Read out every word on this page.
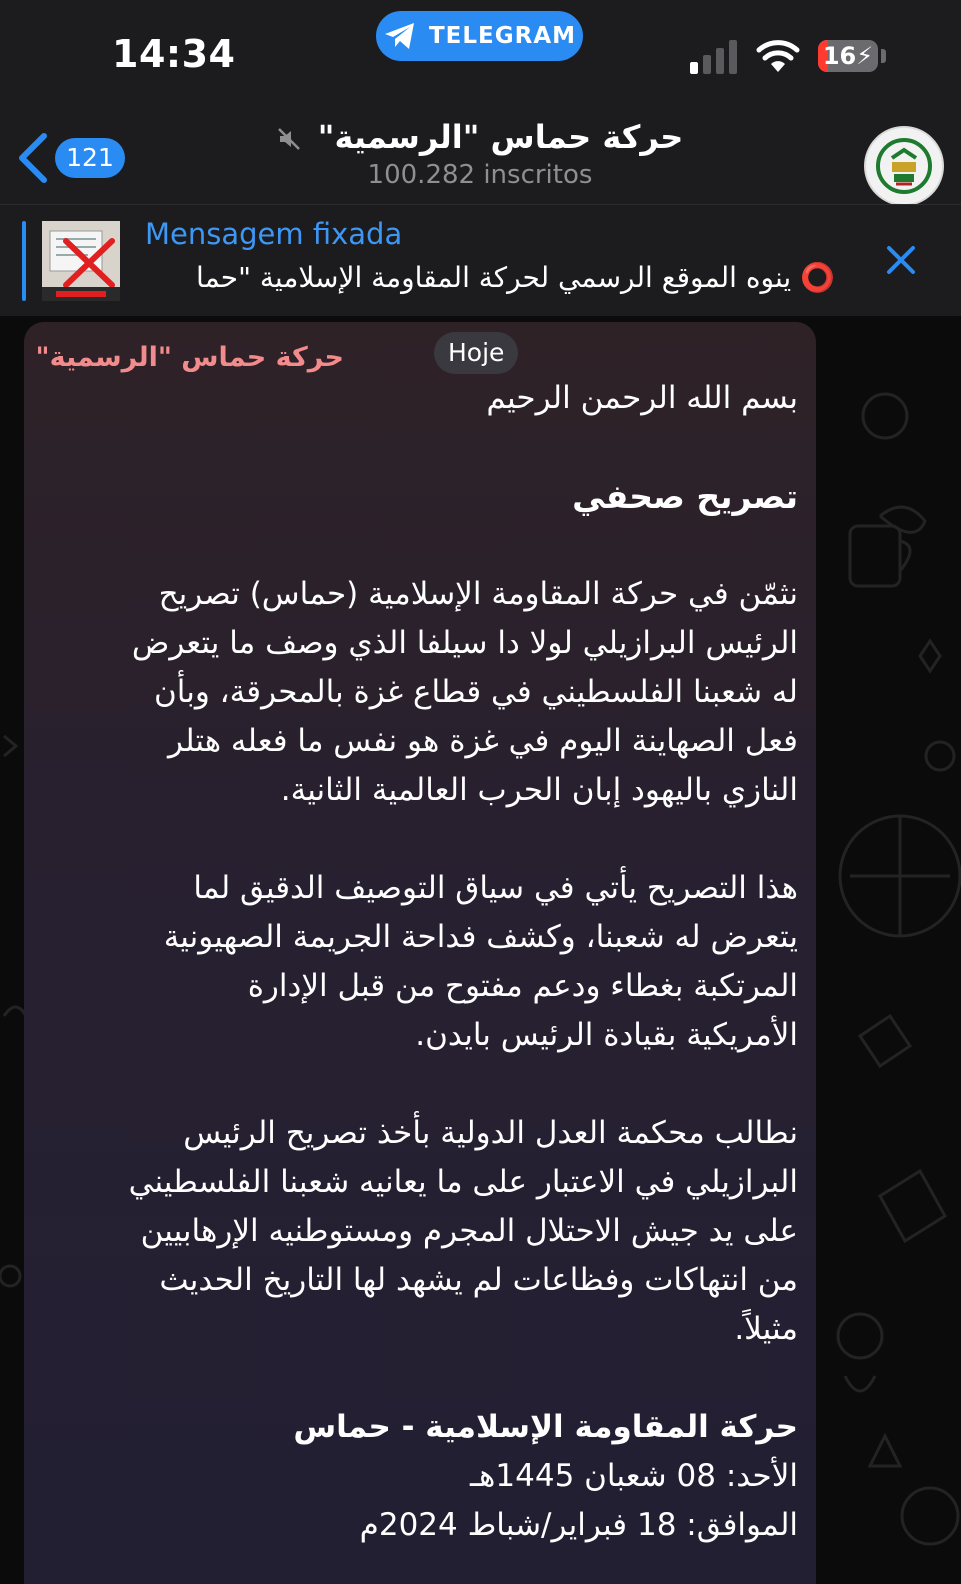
14:34	TELEGRAM
16⚡
121
حركة حماس "الرسمية"
100.282 inscritos
Mensagem fixada
⭕️ ينوه الموقع الرسمي لحركة المقاومة الإسلامية "حما
حركة حماس "الرسمية"	Hoje

بسم الله الرحمن الرحيم

تصريح صحفي

نثمّن في حركة المقاومة الإسلامية (حماس) تصريح

الرئيس البرازيلي لولا دا سيلفا الذي وصف ما يتعرض

له شعبنا الفلسطيني في قطاع غزة بالمحرقة، وبأن

فعل الصهاينة اليوم في غزة هو نفس ما فعله هتلر

النازي باليهود إبان الحرب العالمية الثانية.

هذا التصريح يأتي في سياق التوصيف الدقيق لما

يتعرض له شعبنا، وكشف فداحة الجريمة الصهيونية

المرتكبة بغطاء ودعم مفتوح من قبل الإدارة

الأمريكية بقيادة الرئيس بايدن.

نطالب محكمة العدل الدولية بأخذ تصريح الرئيس

البرازيلي في الاعتبار على ما يعانيه شعبنا الفلسطيني

على يد جيش الاحتلال المجرم ومستوطنيه الإرهابيين

من انتهاكات وفظاعات لم يشهد لها التاريخ الحديث

مثيلاً.

حركة المقاومة الإسلامية - حماس

الأحد: 08 شعبان 1445هـ

الموافق: 18 فبراير/شباط 2024م
